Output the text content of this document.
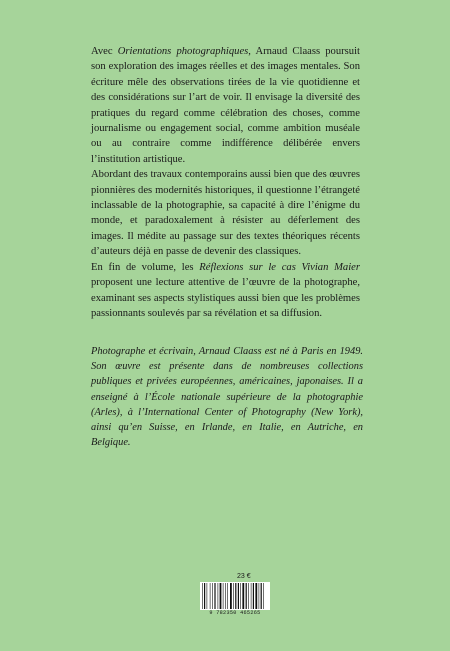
Avec Orientations photographiques, Arnaud Claass poursuit son exploration des images réelles et des images mentales. Son écriture mêle des observations tirées de la vie quotidienne et des considérations sur l’art de voir. Il envisage la diversité des pratiques du regard comme célébration des choses, comme journalisme ou engagement social, comme ambition muséale ou au contraire comme indifférence délibérée envers l’institution artistique.

Abordant des travaux contemporains aussi bien que des œuvres pionnières des modernités historiques, il questionne l’étrangeté inclassable de la photographie, sa capacité à dire l’énigme du monde, et paradoxalement à résister au déferlement des images. Il médite au passage sur des textes théoriques récents d’auteurs déjà en passe de devenir des classiques.

En fin de volume, les Réflexions sur le cas Vivian Maier proposent une lecture attentive de l’œuvre de la photographe, examinant ses aspects stylistiques aussi bien que les problèmes passionnants soulevés par sa révélation et sa diffusion.

Photographe et écrivain, Arnaud Claass est né à Paris en 1949. Son œuvre est présente dans de nombreuses collections publiques et privées européennes, américaines, japonaises. Il a enseigné à l’École nationale supérieure de la photographie (Arles), à l’International Center of Photography (New York), ainsi qu’en Suisse, en Irlande, en Italie, en Autriche, en Belgique.

23 €
9 782350 465265
